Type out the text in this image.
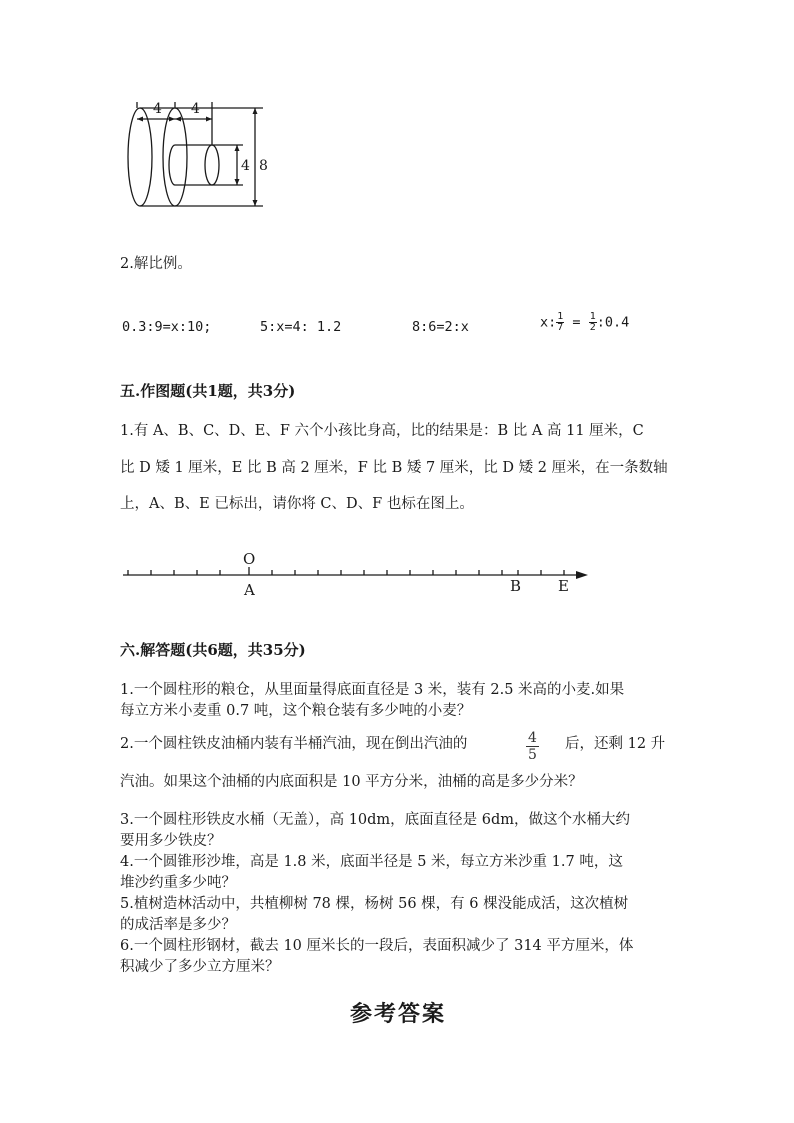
4 4
4 8
2.解比例。
0.3:9=x:10;	5:x=4: 1.2	8:6=2:x	x: $\frac{1}{7} = \frac{1}{2}$ :0.4
五.作图题(共1题，共3分)
1.有 A、B、C、D、E、F 六个小孩比身高，比的结果是：B 比 A 高 11 厘米，C
比 D 矮 1 厘米，E 比 B 高 2 厘米，F 比 B 矮 7 厘米，比 D 矮 2 厘米，在一条数轴
上，A、B、E 已标出，请你将 C、D、F 也标在图上。
O
A	B E
六.解答题(共6题，共35分)
1.一个圆柱形的粮仓，从里面量得底面直径是 3 米，装有 2.5 米高的小麦.如果
每立方米小麦重 0.7 吨，这个粮仓装有多少吨的小麦？
2.一个圆柱铁皮油桶内装有半桶汽油，现在倒出汽油的	4
5
后，还剩 12 升
汽油。如果这个油桶的内底面积是 10 平方分米，油桶的高是多少分米？
3.一个圆柱形铁皮水桶（无盖），高 10dm，底面直径是 6dm，做这个水桶大约
要用多少铁皮？
4.一个圆锥形沙堆，高是 1.8 米，底面半径是 5 米，每立方米沙重 1.7 吨，这
堆沙约重多少吨？
5.植树造林活动中，共植柳树 78 棵，杨树 56 棵，有 6 棵没能成活，这次植树
的成活率是多少？
6.一个圆柱形钢材，截去 10 厘米长的一段后，表面积减少了 314 平方厘米，体
积减少了多少立方厘米？
参考答案
